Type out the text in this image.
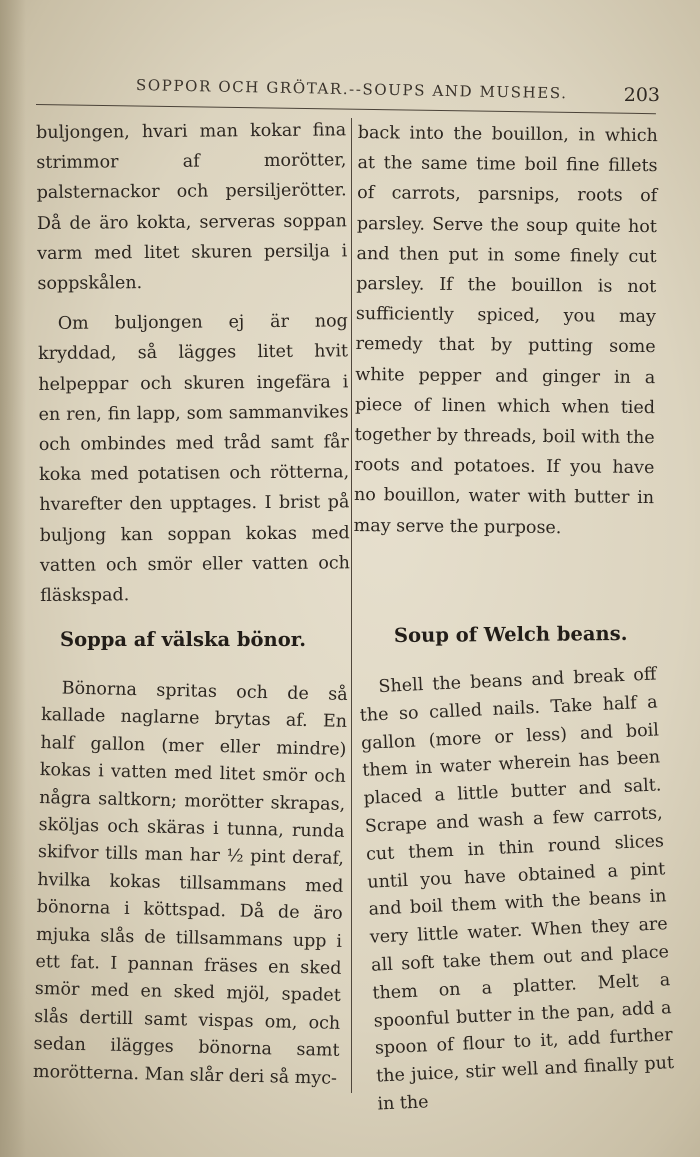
SOPPOR OCH GRÖTAR.--SOUPS AND MUSHES.	203

buljongen, hvari man kokar fina strimmor af morötter, palsternackor och persiljerötter. Då de äro kokta, serveras soppan varm med litet skuren persilja i soppskålen.

Om buljongen ej är nog kryddad, så lägges litet hvit helpeppar och skuren ingefära i en ren, fin lapp, som sammanvikes och ombindes med tråd samt får koka med potatisen och rötterna, hvarefter den upptages. I brist på buljong kan soppan kokas med vatten och smör eller vatten och fläskspad.

back into the bouillon, in which at the same time boil fine fillets of carrots, parsnips, roots of parsley. Serve the soup quite hot and then put in some finely cut parsley. If the bouillon is not sufficiently spiced, you may remedy that by putting some white pepper and ginger in a piece of linen which when tied together by threads, boil with the roots and potatoes. If you have no bouillon, water with butter in may serve the purpose.

Soppa af välska bönor.	Soup of Welch beans.

Bönorna spritas och de så kallade naglarne brytas af. En half gallon (mer eller mindre) kokas i vatten med litet smör och några saltkorn; morötter skrapas, sköljas och skäras i tunna, runda skifvor tills man har ½ pint deraf, hvilka kokas tillsammans med bönorna i köttspad. Då de äro mjuka slås de tillsammans upp i ett fat. I pannan fräses en sked smör med en sked mjöl, spadet slås dertill samt vispas om, och sedan ilägges bönorna samt morötterna. Man slår deri så myc-

Shell the beans and break off the so called nails. Take half a gallon (more or less) and boil them in water wherein has been placed a little butter and salt. Scrape and wash a few carrots, cut them in thin round slices until you have obtained a pint and boil them with the beans in very little water. When they are all soft take them out and place them on a platter. Melt a spoonful butter in the pan, add a spoon of flour to it, add further the juice, stir well and finally put in the
